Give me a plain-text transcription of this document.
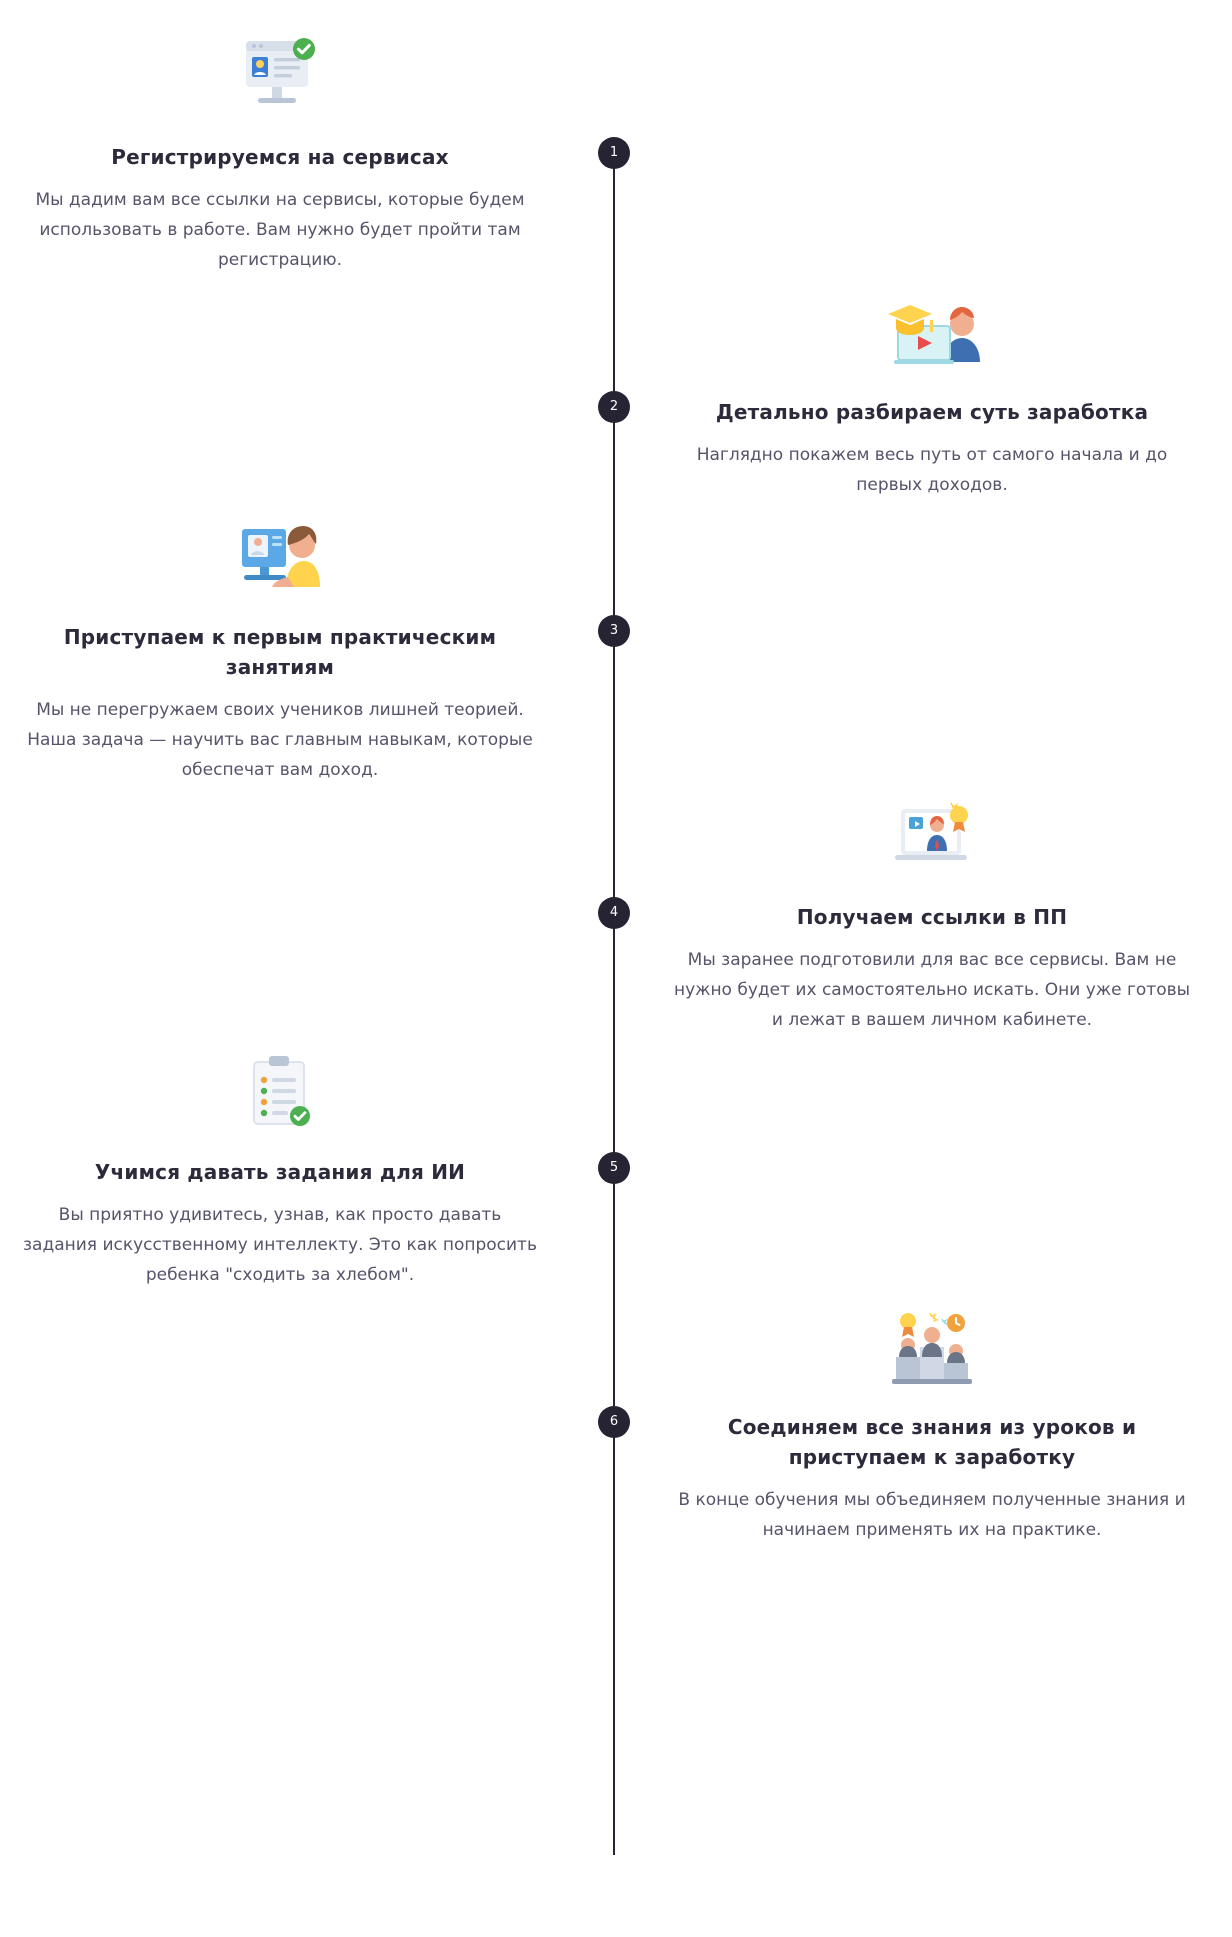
1
Регистрируемся на сервисах

Мы дадим вам все ссылки на сервисы, которые будем использовать в работе. Вам нужно будет пройти там регистрацию.

2	Детально разбираем суть заработка

Наглядно покажем весь путь от самого начала и до первых доходов.

3
Приступаем к первым практическим занятиям

Мы не перегружаем своих учеников лишней теорией. Наша задача — научить вас главным навыкам, которые обеспечат вам доход.

4	Получаем ссылки в ПП

Мы заранее подготовили для вас все сервисы. Вам не нужно будет их самостоятельно искать. Они уже готовы и лежат в вашем личном кабинете.

5
Учимся давать задания для ИИ

Вы приятно удивитесь, узнав, как просто давать задания искусственному интеллекту. Это как попросить ребенка "сходить за хлебом".

6	Соединяем все знания из уроков и приступаем к заработку

В конце обучения мы объединяем полученные знания и начинаем применять их на практике.
